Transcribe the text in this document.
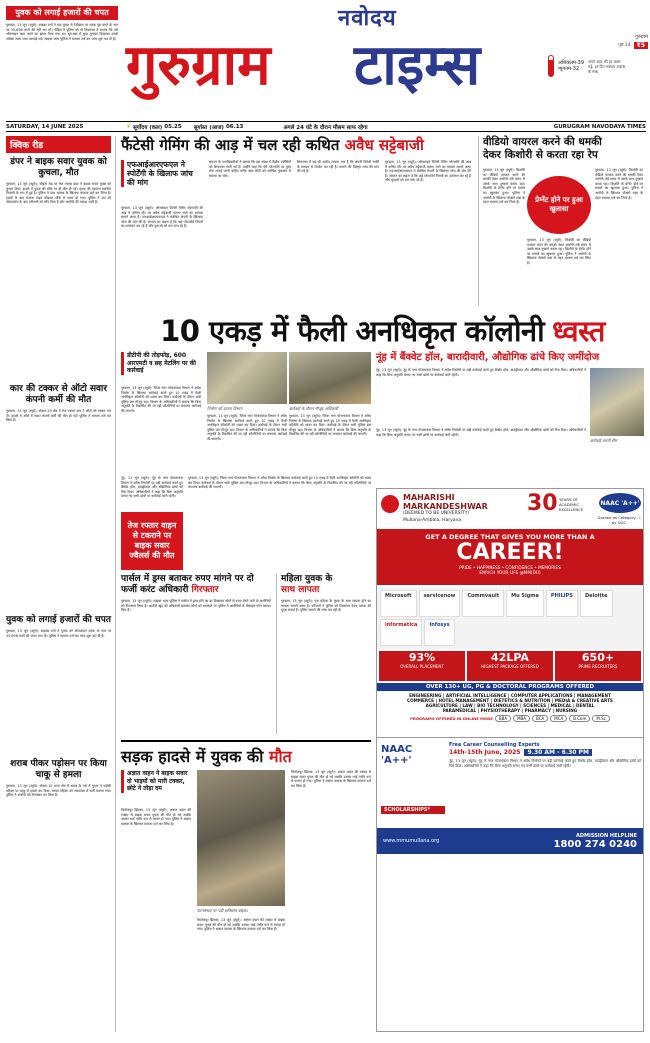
युवक को लगाई हजारों की चपत
गुरुग्राम, 13 जून (ब्यूरो): साइबर ठगों ने एक युवक से टेलीग्राम पर टास्क पूरा करने के नाम पर 35,696 रुपये की ठगी कर ली। पीड़ित ने पुलिस को दी शिकायत में बताया कि उसे ऑनलाइन काम करने का झांसा दिया गया था। शुरुआत में कुछ मुनाफा दिखाकर उससे अधिक रकम जमा करवाई गई। साइबर थाना पुलिस ने मामला दर्ज कर जांच शुरू कर दी है।
नवोदय
गुरुग्राम टाइम्स	गुरुग्राम
पृष्ठ 14	₹5
अधिकतम-39
न्यूनतम-32
अपने शहर की हर खबर पढ़ें, हर दिन नवोदय टाइम्स के साथ
SATURDAY, 14 JUNE 2025	☀ सूर्योदय (कल) 05.25 सूर्यास्त (आज) 06.13	अगले 24 घंटे के दौरान मौसम साफ रहेगा	GURUGRAM NAVODAYA TIMES
क्विक रीड
डंपर ने बाइक सवार युवक को कुचला, मौत
गुरुग्राम, 13 जून (ब्यूरो): सोहना रोड पर तेज रफ्तार डंपर ने बाइक सवार युवक को कुचल दिया। हादसे में युवक की मौके पर ही मौत हो गई। मृतक की पहचान स्थानीय निवासी के रूप में हुई है। पुलिस ने डंपर चालक के खिलाफ मामला दर्ज कर लिया है। हादसे के बाद चालक वाहन छोड़कर मौके से फरार हो गया। पुलिस ने शव को पोस्टमार्टम के बाद परिजनों को सौंप दिया है और आरोपी की तलाश जारी है।
कार की टक्कर से ऑटो सवार कंपनी कर्मी की मौत
गुरुग्राम, 13 जून (ब्यूरो): सेक्टर-29 क्षेत्र में तेज रफ्तार कार ने ऑटो को टक्कर मार दी। हादसे में ऑटो में सवार कंपनी कर्मी की मौत हो गई। पुलिस ने मामला दर्ज कर लिया है।
युवक को लगाई हजारों की चपत
गुरुग्राम, 13 जून (ब्यूरो): साइबर ठगों ने युवक को ऑनलाइन टास्क के नाम पर 35,696 रुपये की चपत लगा दी। पुलिस ने मामला दर्ज कर जांच शुरू कर दी है।
शराब पीकर पड़ोसन पर किया चाकू से हमला
गुरुग्राम, 13 जून (ब्यूरो): सेक्टर-10 थाना क्षेत्र में शराब के नशे में युवक ने पड़ोसी महिला पर चाकू से हमला कर दिया। घायल महिला को अस्पताल में भर्ती कराया गया। पुलिस ने आरोपी को गिरफ्तार कर लिया है।
फैंटेसी गेमिंग की आड़ में चल रही कथित अवैध सट्टेबाजी
एफआईआरएफएल ने स्पोर्टेंगी के खिलाफ जांच की मांग
गुरुग्राम, 13 जून (ब्यूरो): ऑनलाइन फैंटेसी गेमिंग प्लेटफॉर्म की आड़ में कथित तौर पर अवैध सट्टेबाजी चलाए जाने का मामला सामने आया है। एफआईआरएफएल ने संबंधित कंपनी के खिलाफ जांच की मांग की है। संगठन का कहना है कि कई प्लेटफॉर्म नियमों का उल्लंघन कर रहे हैं और युवाओं को लत लगा रहे हैं।
संगठन के पदाधिकारियों ने बताया कि इस संबंध में केंद्रीय एजेंसियों को शिकायत भेजी गई है। उन्होंने कहा कि ऐसे प्लेटफॉर्म पर तुरंत रोक लगाई जानी चाहिए ताकि आम लोगों को आर्थिक नुकसान से बचाया जा सके।
शिकायत में यह भी आरोप लगाया गया है कि कंपनी विदेशी सर्वरों के माध्यम से लेनदेन कर रही है। मामले की विस्तृत जांच की मांग की गई है।
गुरुग्राम, 13 जून (ब्यूरो): ऑनलाइन फैंटेसी गेमिंग प्लेटफॉर्म की आड़ में कथित तौर पर अवैध सट्टेबाजी चलाए जाने का मामला सामने आया है। एफआईआरएफएल ने संबंधित कंपनी के खिलाफ जांच की मांग की है। संगठन का कहना है कि कई प्लेटफॉर्म नियमों का उल्लंघन कर रहे हैं और युवाओं को लत लगा रहे हैं।
वीडियो वायरल करने की धमकी
देकर किशोरी से करता रहा रेप
प्रेग्नेंट होने पर हुआ खुलासा
गुरुग्राम, 13 जून (ब्यूरो): किशोरी का वीडियो वायरल करने की धमकी देकर आरोपी लंबे समय से उसके साथ दुष्कर्म करता रहा। किशोरी के प्रेग्नेंट होने पर मामले का खुलासा हुआ। पुलिस ने आरोपी के खिलाफ पोक्सो एक्ट के तहत मामला दर्ज कर लिया है।
गुरुग्राम, 13 जून (ब्यूरो): किशोरी का वीडियो वायरल करने की धमकी देकर आरोपी लंबे समय से उसके साथ दुष्कर्म करता रहा। किशोरी के प्रेग्नेंट होने पर मामले का खुलासा हुआ। पुलिस ने आरोपी के खिलाफ पोक्सो एक्ट के तहत मामला दर्ज कर लिया है।
गुरुग्राम, 13 जून (ब्यूरो): किशोरी का वीडियो वायरल करने की धमकी देकर आरोपी लंबे समय से उसके साथ दुष्कर्म करता रहा। किशोरी के प्रेग्नेंट होने पर मामले का खुलासा हुआ। पुलिस ने आरोपी के खिलाफ पोक्सो एक्ट के तहत मामला दर्ज कर लिया है।
10 एकड़ में फैली अनधिकृत कॉलोनी ध्वस्त
डीटीपी की तोड़फोड़, 600 आरएमटी व छह मेटलिंग पर की कार्रवाई
गुरुग्राम, 13 जून (ब्यूरो): जिला नगर योजनाकार विभाग ने अवैध निर्माण के खिलाफ कार्रवाई करते हुए 10 एकड़ में फैली अनधिकृत कॉलोनी को ध्वस्त कर दिया। कार्रवाई के दौरान भारी पुलिस बल मौजूद रहा। विभाग के अधिकारियों ने बताया कि बिना अनुमति के विकसित की जा रही कॉलोनियों पर लगातार कार्रवाई की जाएगी।	निर्माण को हटाता विभाग	कार्रवाई के दौरान मौजूद अधिकारी
गुरुग्राम, 13 जून (ब्यूरो): जिला नगर योजनाकार विभाग ने अवैध निर्माण के खिलाफ कार्रवाई करते हुए 10 एकड़ में फैली अनधिकृत कॉलोनी को ध्वस्त कर दिया। कार्रवाई के दौरान भारी पुलिस बल मौजूद रहा। विभाग के अधिकारियों ने बताया कि बिना अनुमति के विकसित की जा रही कॉलोनियों पर लगातार कार्रवाई की जाएगी।
गुरुग्राम, 13 जून (ब्यूरो): जिला नगर योजनाकार विभाग ने अवैध निर्माण के खिलाफ कार्रवाई करते हुए 10 एकड़ में फैली अनधिकृत कॉलोनी को ध्वस्त कर दिया। कार्रवाई के दौरान भारी पुलिस बल मौजूद रहा। विभाग के अधिकारियों ने बताया कि बिना अनुमति के विकसित की जा रही कॉलोनियों पर लगातार कार्रवाई की जाएगी।
नूंह में बैंक्वेट हॉल, बारादीवारी, औद्योगिक ढांचे किए जमींदोज
नूंह, 13 जून (ब्यूरो): नूंह के नगर योजनाकार विभाग ने अवैध निर्माणों पर बड़ी कार्रवाई करते हुए बैंक्वेट हॉल, बाउंड्रीवाल और औद्योगिक ढांचों को गिरा दिया। अधिकारियों ने कहा कि बिना अनुमति बनाए गए सभी ढांचों पर कार्रवाई जारी रहेगी।
कार्रवाई करती टीम
नूंह, 13 जून (ब्यूरो): नूंह के नगर योजनाकार विभाग ने अवैध निर्माणों पर बड़ी कार्रवाई करते हुए बैंक्वेट हॉल, बाउंड्रीवाल और औद्योगिक ढांचों को गिरा दिया। अधिकारियों ने कहा कि बिना अनुमति बनाए गए सभी ढांचों पर कार्रवाई जारी रहेगी।
तेज रफ्तार वाहन से टकराने पर बाइक सवार ज्वैलर्स की मौत
गुरुग्राम, 13 जून (ब्यूरो): जिला नगर योजनाकार विभाग ने अवैध निर्माण के खिलाफ कार्रवाई करते हुए 10 एकड़ में फैली अनधिकृत कॉलोनी को ध्वस्त कर दिया। कार्रवाई के दौरान भारी पुलिस बल मौजूद रहा। विभाग के अधिकारियों ने बताया कि बिना अनुमति के विकसित की जा रही कॉलोनियों पर लगातार कार्रवाई की जाएगी।
नूंह, 13 जून (ब्यूरो): नूंह के नगर योजनाकार विभाग ने अवैध निर्माणों पर बड़ी कार्रवाई करते हुए बैंक्वेट हॉल, बाउंड्रीवाल और औद्योगिक ढांचों को गिरा दिया। अधिकारियों ने कहा कि बिना अनुमति बनाए गए सभी ढांचों पर कार्रवाई जारी रहेगी।
पार्सल में ड्रग्स बताकर रुपए मांगने पर दो फर्जी करंट अधिकारी गिरफ्तार
गुरुग्राम, 13 जून (ब्यूरो): साइबर थाना पुलिस ने पार्सल में ड्रग्स होने का डर दिखाकर लोगों से रुपए ऐंठने वाले दो आरोपियों को गिरफ्तार किया है। आरोपी खुद को अधिकारी बताकर लोगों को धमकाते थे। पुलिस ने आरोपियों से मोबाइल फोन बरामद किए हैं।
महिला युवक के
साथ लापता
गुरुग्राम, 13 जून (ब्यूरो): एक महिला के युवक के साथ लापता होने का मामला सामने आया है। परिजनों ने पुलिस को शिकायत देकर तलाश की गुहार लगाई है। पुलिस मामले की जांच कर रही है।
MAHARISHI MARKANDESHWAR
(DEEMED TO BE UNIVERSITY)
Mullana-Ambala, Haryana
30 YEARS OF ACADEMIC EXCELLENCE
NAAC 'A++'
Graded as Category - I by UGC
GET A DEGREE THAT GIVES YOU MORE THAN A
CAREER!
PRIDE • HAPPINESS • CONFIDENCE • MEMORIES
ENRICH YOUR LIFE @MM(DU)
Microsoft	servicenow	Commvault	Mu Sigma	PHILIPS	Deloitte
informatica	Infosys
93%
OVERALL PLACEMENT
42LPA
HIGHEST PACKAGE OFFERED
650+
PRIME RECRUITERS
OVER 130+ UG, PG & DOCTORAL PROGRAMS OFFERED
ENGINEERING | ARTIFICIAL INTELLIGENCE | COMPUTER APPLICATIONS | MANAGEMENT
COMMERCE | HOTEL MANAGEMENT | DIETETICS & NUTRITION | MEDIA & CREATIVE ARTS
AGRICULTURE | LAW | BIO TECHNOLOGY | SCIENCES | MEDICAL | DENTAL
PARAMEDICAL | PHYSIOTHERAPY | PHARMACY | NURSING
PROGRAMS OFFERED IN ONLINE MODE	BBA	MBA	BCA	MCA	B.Com	M.Sc
NAAC 'A++'
SCHOLARSHIPS*
Free Career Counselling Experts
14th-15th June, 2025	9.30 AM - 6.30 PM
नूंह, 13 जून (ब्यूरो): नूंह के नगर योजनाकार विभाग ने अवैध निर्माणों पर बड़ी कार्रवाई करते हुए बैंक्वेट हॉल, बाउंड्रीवाल और औद्योगिक ढांचों को गिरा दिया। अधिकारियों ने कहा कि बिना अनुमति बनाए गए सभी ढांचों पर कार्रवाई जारी रहेगी।
www.mmumullana.org
ADMISSION HELPLINE
1800 274 0240
सड़क हादसे में युवक की मौत
अज्ञात वाहन ने बाइक सवार दो भाइयों को मारी टक्कर, छोटे ने तोड़ा दम
फिरोजपुर झिरका, 13 जून (ब्यूरो): अज्ञात वाहन की टक्कर से बाइक सवार युवक की मौत हो गई जबकि उसका भाई गंभीर रूप से घायल हो गया। पुलिस ने अज्ञात चालक के खिलाफ मामला दर्ज कर लिया है।
घटनास्थल पर पड़ी क्षतिग्रस्त बाइक।
फिरोजपुर झिरका, 13 जून (ब्यूरो): अज्ञात वाहन की टक्कर से बाइक सवार युवक की मौत हो गई जबकि उसका भाई गंभीर रूप से घायल हो गया। पुलिस ने अज्ञात चालक के खिलाफ मामला दर्ज कर लिया है।
फिरोजपुर झिरका, 13 जून (ब्यूरो): अज्ञात वाहन की टक्कर से बाइक सवार युवक की मौत हो गई जबकि उसका भाई गंभीर रूप से घायल हो गया। पुलिस ने अज्ञात चालक के खिलाफ मामला दर्ज कर लिया है।
